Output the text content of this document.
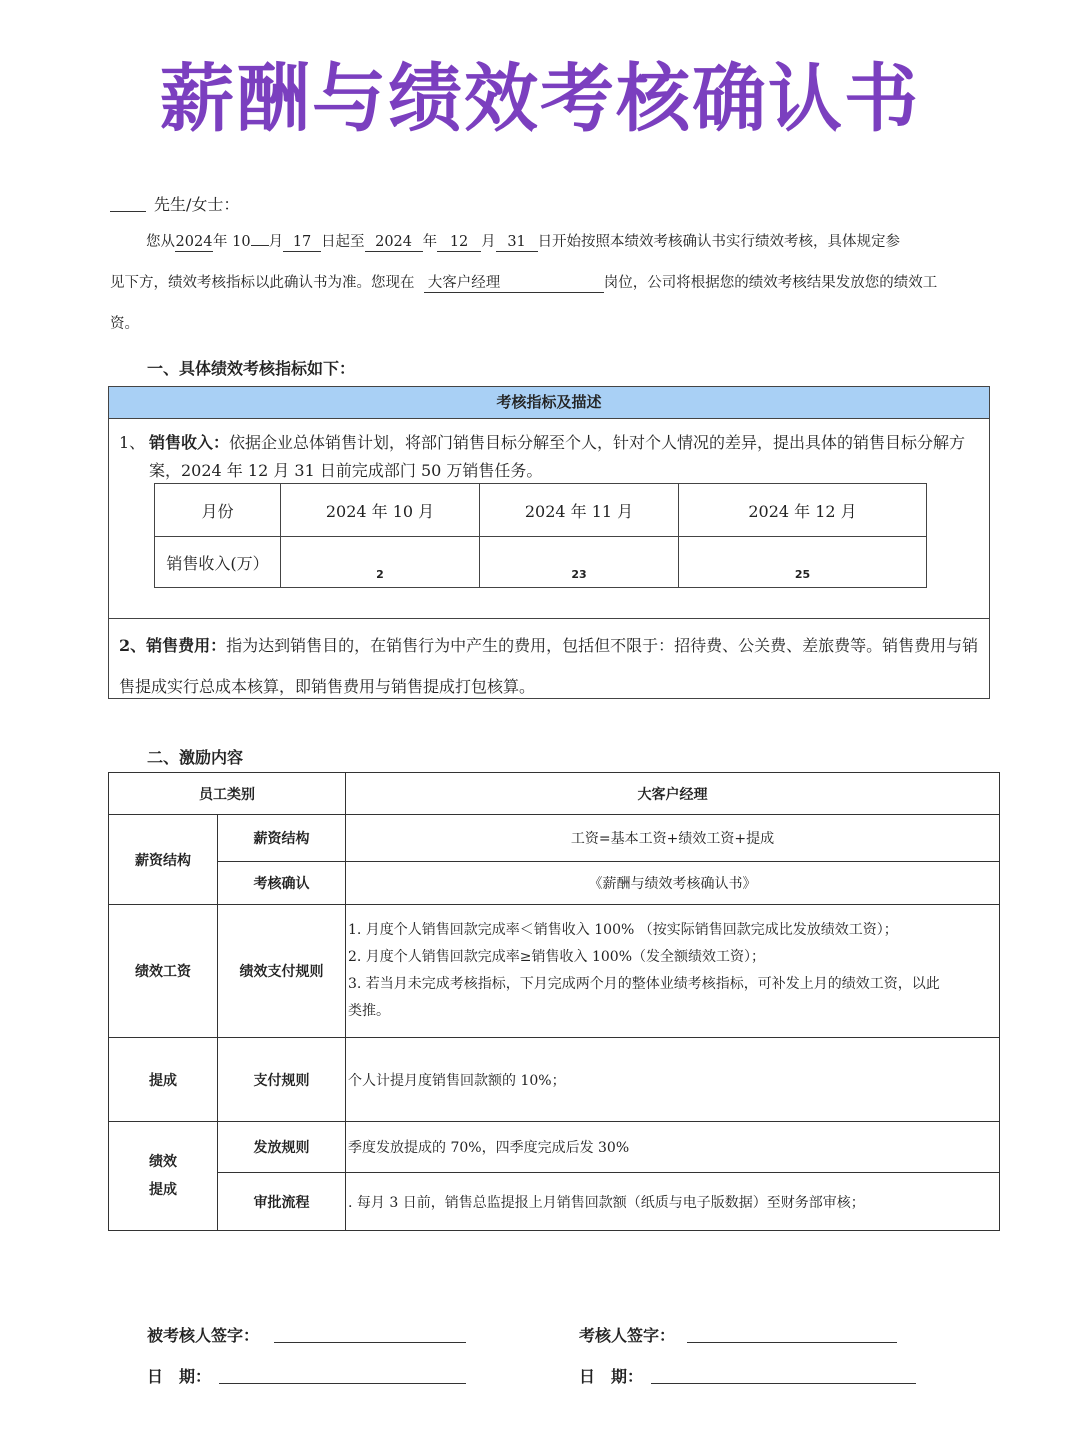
薪酬与绩效考核确认书
先生/女士：
您从2024年 10 月 17 日起至 2024 年 12 月 31 日开始按照本绩效考核确认书实行绩效考核，具体规定参
见下方，绩效考核指标以此确认书为准。您现在 大客户经理	岗位，公司将根据您的绩效考核结果发放您的绩效工
资。
一、具体绩效考核指标如下：
考核指标及描述
1、 销售收入：依据企业总体销售计划，将部门销售目标分解至个人，针对个人情况的差异，提出具体的销售目标分解方案，2024 年 12 月 31 日前完成部门 50 万销售任务。
2、销售费用：指为达到销售目的，在销售行为中产生的费用，包括但不限于：招待费、公关费、差旅费等。销售费用与销售提成实行总成本核算，即销售费用与销售提成打包核算。
月份	2024 年 10 月	2024 年 11 月	2024 年 12 月
销售收入(万）	2	23	25
二、激励内容
员工类别		大客户经理
薪资结构	薪资结构	工资=基本工资+绩效工资+提成
	考核确认	《薪酬与绩效考核确认书》
绩效工资	绩效支付规则	1. 月度个人销售回款完成率＜销售收入 100% （按实际销售回款完成比发放绩效工资）；
2. 月度个人销售回款完成率≥销售收入 100%（发全额绩效工资）；
3. 若当月未完成考核指标，下月完成两个月的整体业绩考核指标，可补发上月的绩效工资，以此
类推。

提成	支付规则	个人计提月度销售回款额的 10%；

绩效
提成	发放规则	季度发放提成的 70%，四季度完成后发 30%
	审批流程	. 每月 3 日前，销售总监提报上月销售回款额（纸质与电子版数据）至财务部审核；
被考核人签字：	考核人签字：
日　期：	日　期：
